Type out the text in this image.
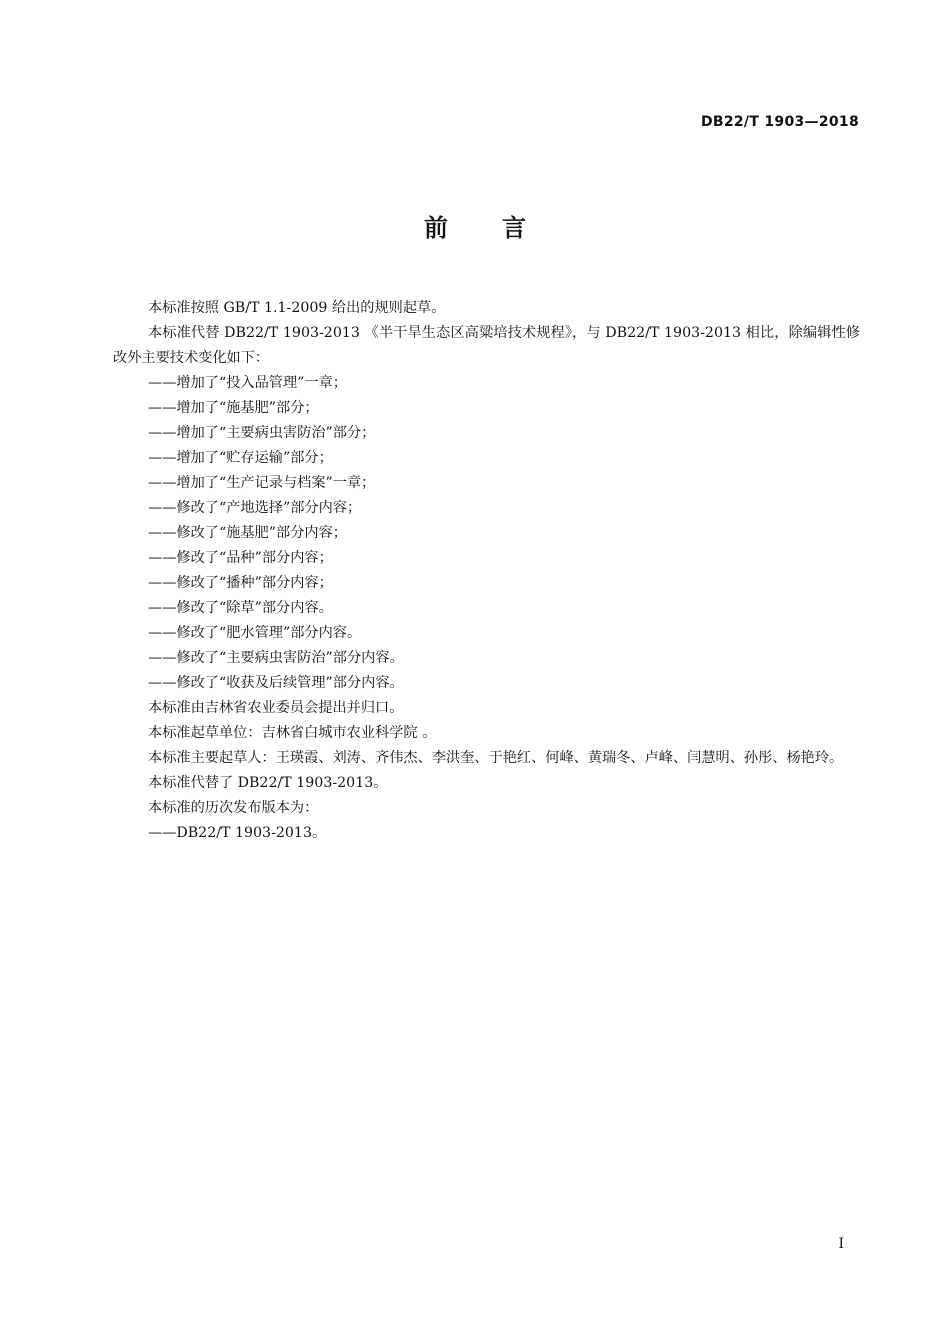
DB22/T 1903—2018
前 言

本标准按照 GB/T 1.1-2009 给出的规则起草。

本标准代替 DB22/T 1903-2013 《半干旱生态区高粱培技术规程》，与 DB22/T 1903-2013 相比，除编辑性修改外主要技术变化如下：

——增加了“投入品管理”一章；

——增加了“施基肥”部分；

——增加了“主要病虫害防治”部分；

——增加了“贮存运输”部分；

——增加了“生产记录与档案”一章；

——修改了“产地选择”部分内容；

——修改了“施基肥”部分内容；

——修改了“品种”部分内容；

——修改了“播种”部分内容；

——修改了“除草”部分内容。

——修改了“肥水管理”部分内容。

——修改了“主要病虫害防治”部分内容。

——修改了“收获及后续管理”部分内容。

本标准由吉林省农业委员会提出并归口。

本标准起草单位：吉林省白城市农业科学院 。

本标准主要起草人：王瑛霞、刘涛、齐伟杰、李洪奎、于艳红、何峰、黄瑞冬、卢峰、闫慧明、孙彤、杨艳玲。

本标准代替了 DB22/T 1903-2013。

本标准的历次发布版本为：

——DB22/T 1903-2013。

I
